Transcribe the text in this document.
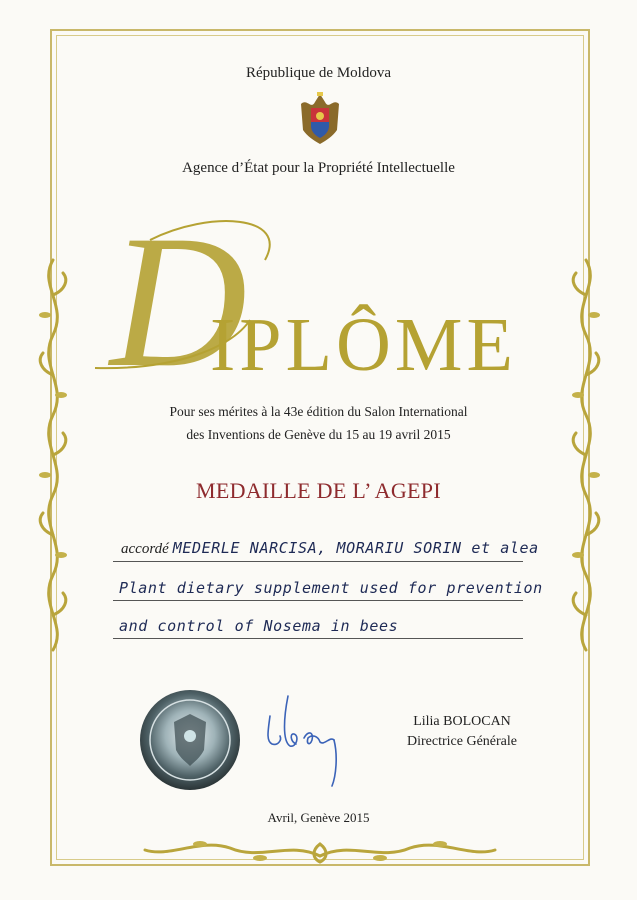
République de Moldova
Agence d’État pour la Propriété Intellectuelle
D
IPLÔME
Pour ses mérites à la 43e édition du Salon International
des Inventions de Genève du 15 au 19 avril 2015
MEDAILLE DE L’ AGEPI
accordé MEDERLE NARCISA, MORARIU SORIN et alea
Plant dietary supplement used for prevention
and control of Nosema in bees
Lilia BOLOCAN
Directrice Générale
Avril, Genève 2015
